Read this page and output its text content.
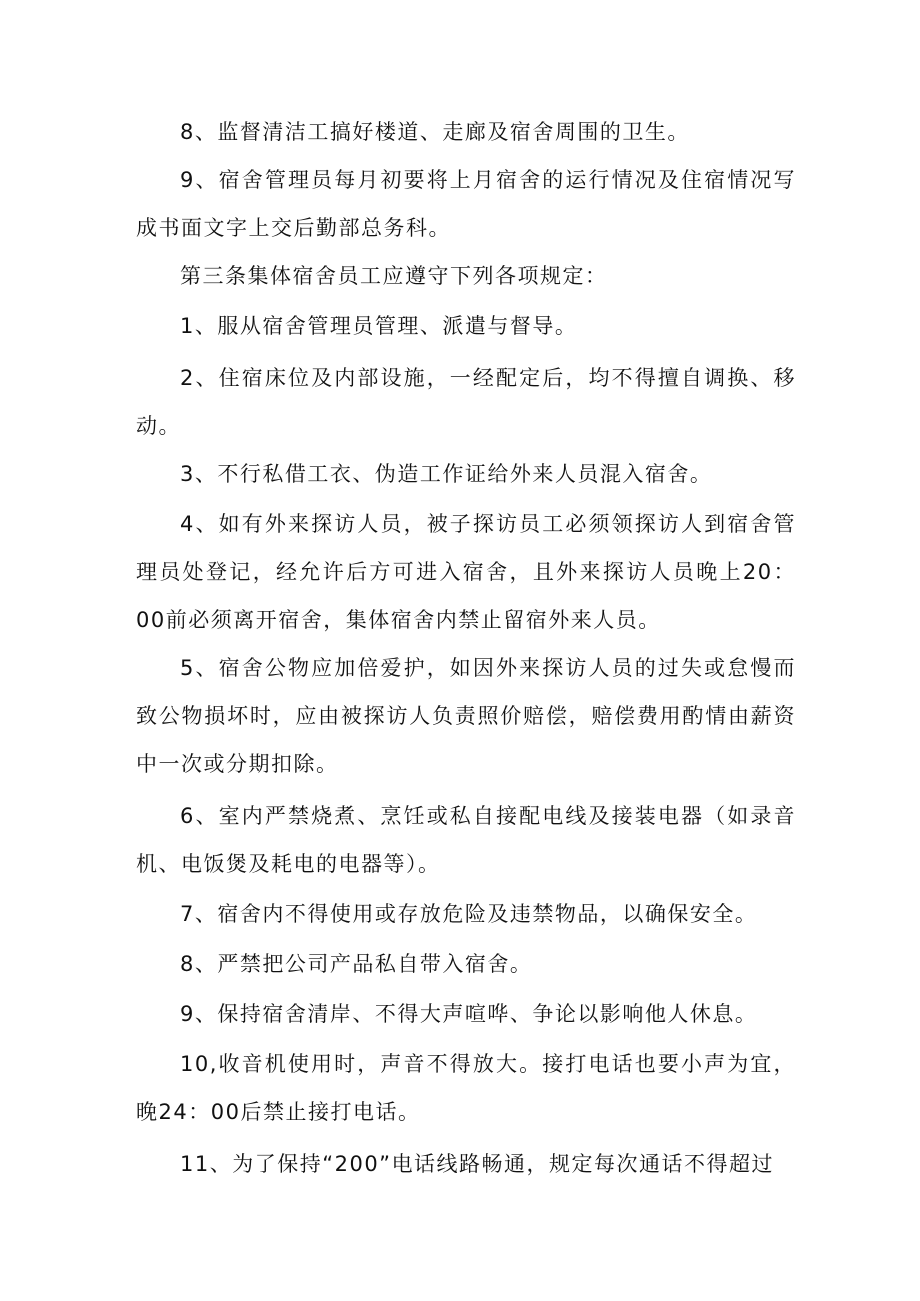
8、监督清洁工搞好楼道、走廊及宿舍周围的卫生。

9、宿舍管理员每月初要将上月宿舍的运行情况及住宿情况写成书面文字上交后勤部总务科。

第三条集体宿舍员工应遵守下列各项规定：

1、服从宿舍管理员管理、派遣与督导。

2、住宿床位及内部设施，一经配定后，均不得擅自调换、移动。

3、不行私借工衣、伪造工作证给外来人员混入宿舍。

4、如有外来探访人员，被子探访员工必须领探访人到宿舍管理员处登记，经允许后方可进入宿舍，且外来探访人员晚上20：00前必须离开宿舍，集体宿舍内禁止留宿外来人员。

5、宿舍公物应加倍爱护，如因外来探访人员的过失或怠慢而致公物损坏时，应由被探访人负责照价赔偿，赔偿费用酌情由薪资中一次或分期扣除。

6、室内严禁烧煮、烹饪或私自接配电线及接装电器（如录音机、电饭煲及耗电的电器等）。

7、宿舍内不得使用或存放危险及违禁物品，以确保安全。

8、严禁把公司产品私自带入宿舍。

9、保持宿舍清岸、不得大声喧哗、争论以影响他人休息。

10,收音机使用时，声音不得放大。接打电话也要小声为宜，晚24：00后禁止接打电话。

11、为了保持“200”电话线路畅通，规定每次通话不得超过
